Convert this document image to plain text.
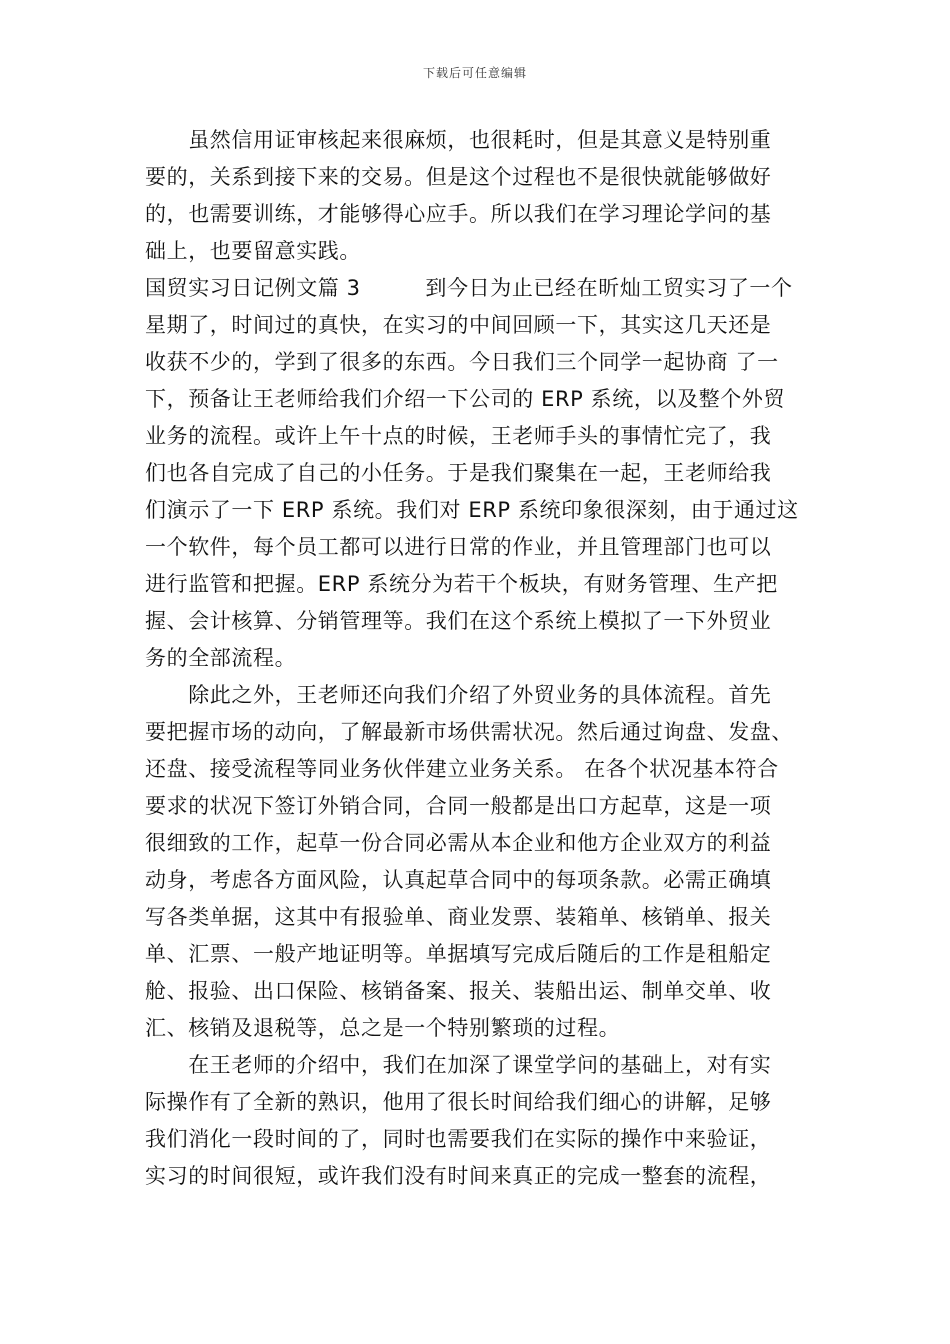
下载后可任意编辑
　　虽然信用证审核起来很麻烦，也很耗时，但是其意义是特别重
要的，关系到接下来的交易。但是这个过程也不是很快就能够做好
的，也需要训练，才能够得心应手。所以我们在学习理论学问的基
础上，也要留意实践。
国贸实习日记例文篇 3　　　到今日为止已经在昕灿工贸实习了一个
星期了，时间过的真快，在实习的中间回顾一下，其实这几天还是
收获不少的，学到了很多的东西。今日我们三个同学一起协商 了一
下，预备让王老师给我们介绍一下公司的 ERP 系统，以及整个外贸
业务的流程。或许上午十点的时候，王老师手头的事情忙完了，我
们也各自完成了自己的小任务。于是我们聚集在一起，王老师给我
们演示了一下 ERP 系统。我们对 ERP 系统印象很深刻，由于通过这
一个软件，每个员工都可以进行日常的作业，并且管理部门也可以
进行监管和把握。ERP 系统分为若干个板块，有财务管理、生产把
握、会计核算、分销管理等。我们在这个系统上模拟了一下外贸业
务的全部流程。
　　除此之外，王老师还向我们介绍了外贸业务的具体流程。首先
要把握市场的动向，了解最新市场供需状况。然后通过询盘、发盘、
还盘、接受流程等同业务伙伴建立业务关系。 在各个状况基本符合
要求的状况下签订外销合同，合同一般都是出口方起草，这是一项
很细致的工作，起草一份合同必需从本企业和他方企业双方的利益
动身，考虑各方面风险，认真起草合同中的每项条款。必需正确填
写各类单据，这其中有报验单、商业发票、装箱单、核销单、报关
单、汇票、一般产地证明等。单据填写完成后随后的工作是租船定
舱、报验、出口保险、核销备案、报关、装船出运、制单交单、收
汇、核销及退税等，总之是一个特别繁琐的过程。
　　在王老师的介绍中，我们在加深了课堂学问的基础上，对有实
际操作有了全新的熟识，他用了很长时间给我们细心的讲解，足够
我们消化一段时间的了，同时也需要我们在实际的操作中来验证，
实习的时间很短，或许我们没有时间来真正的完成一整套的流程，
